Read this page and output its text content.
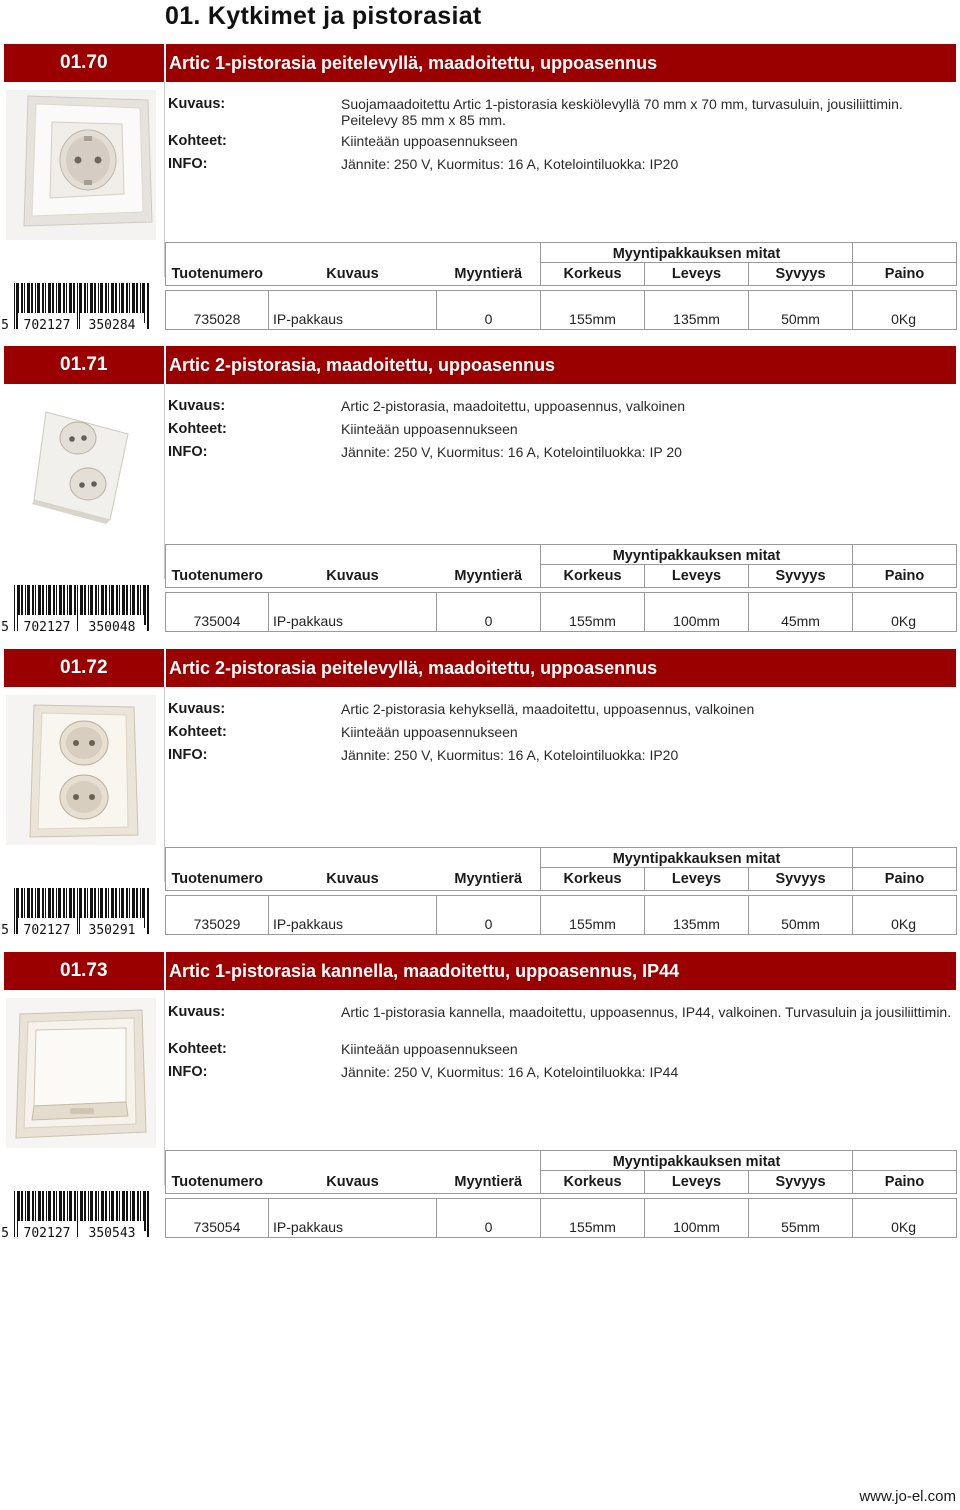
01. Kytkimet ja pistorasiat
01.70	Artic 1-pistorasia peitelevyllä, maadoitettu, uppoasennus
Kuvaus:	Suojamaadoitettu Artic 1-pistorasia keskiölevyllä 70 mm x 70 mm, turvasuluin, jousiliittimin. Peitelevy 85 mm x 85 mm.
Kohteet:	Kiinteään uppoasennukseen
INFO:	Jännite: 250 V, Kuormitus: 16 A, Kotelointiluokka: IP20
			Myyntipakkauksen mitat			
Tuotenumero	Kuvaus	Myyntierä	Korkeus	Leveys	Syvyys	Paino

735028	IP-pakkaus	0	155mm	135mm	50mm	0Kg
5 702127 350284
01.71	Artic 2-pistorasia, maadoitettu, uppoasennus
Kuvaus:	Artic 2-pistorasia, maadoitettu, uppoasennus, valkoinen
Kohteet:	Kiinteään uppoasennukseen
INFO:	Jännite: 250 V, Kuormitus: 16 A, Kotelointiluokka: IP 20
			Myyntipakkauksen mitat			
Tuotenumero	Kuvaus	Myyntierä	Korkeus	Leveys	Syvyys	Paino

735004	IP-pakkaus	0	155mm	100mm	45mm	0Kg
5 702127 350048
01.72	Artic 2-pistorasia peitelevyllä, maadoitettu, uppoasennus
Kuvaus:	Artic 2-pistorasia kehyksellä, maadoitettu, uppoasennus, valkoinen
Kohteet:	Kiinteään uppoasennukseen
INFO:	Jännite: 250 V, Kuormitus: 16 A, Kotelointiluokka: IP20
			Myyntipakkauksen mitat			
Tuotenumero	Kuvaus	Myyntierä	Korkeus	Leveys	Syvyys	Paino

735029	IP-pakkaus	0	155mm	135mm	50mm	0Kg
5 702127 350291
01.73	Artic 1-pistorasia kannella, maadoitettu, uppoasennus, IP44
Kuvaus:	Artic 1-pistorasia kannella, maadoitettu, uppoasennus, IP44, valkoinen. Turvasuluin ja jousiliittimin.
Kohteet:	Kiinteään uppoasennukseen
INFO:	Jännite: 250 V, Kuormitus: 16 A, Kotelointiluokka: IP44
			Myyntipakkauksen mitat			
Tuotenumero	Kuvaus	Myyntierä	Korkeus	Leveys	Syvyys	Paino

735054	IP-pakkaus	0	155mm	100mm	55mm	0Kg
5 702127 350543
www.jo-el.com
